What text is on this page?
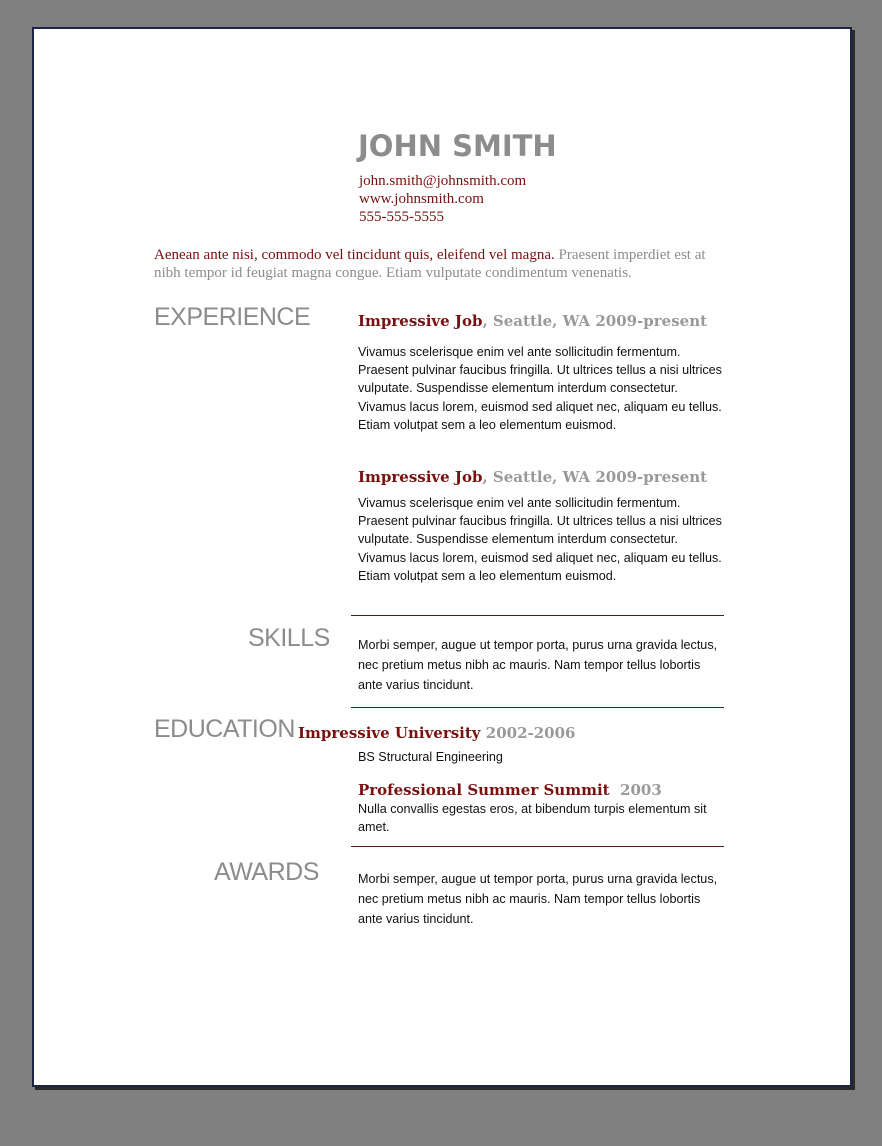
JOHN SMITH
john.smith@johnsmith.com
www.johnsmith.com
555-555-5555
Aenean ante nisi, commodo vel tincidunt quis, eleifend vel magna. Praesent imperdiet est at nibh tempor id feugiat magna congue. Etiam vulputate condimentum venenatis.
EXPERIENCE	Impressive Job, Seattle, WA 2009-present
Vivamus scelerisque enim vel ante sollicitudin fermentum. Praesent pulvinar faucibus fringilla. Ut ultrices tellus a nisi ultrices vulputate. Suspendisse elementum interdum consectetur. Vivamus lacus lorem, euismod sed aliquet nec, aliquam eu tellus. Etiam volutpat sem a leo elementum euismod.
Impressive Job, Seattle, WA 2009-present
Vivamus scelerisque enim vel ante sollicitudin fermentum. Praesent pulvinar faucibus fringilla. Ut ultrices tellus a nisi ultrices vulputate. Suspendisse elementum interdum consectetur. Vivamus lacus lorem, euismod sed aliquet nec, aliquam eu tellus. Etiam volutpat sem a leo elementum euismod.
SKILLS Morbi semper, augue ut tempor porta, purus urna gravida lectus, nec pretium metus nibh ac mauris. Nam tempor tellus lobortis ante varius tincidunt.
EDUCATION Impressive University 2002-2006
BS Structural Engineering
Professional Summer Summit  2003
Nulla convallis egestas eros, at bibendum turpis elementum sit amet.
AWARDS	Morbi semper, augue ut tempor porta, purus urna gravida lectus, nec pretium metus nibh ac mauris. Nam tempor tellus lobortis ante varius tincidunt.
